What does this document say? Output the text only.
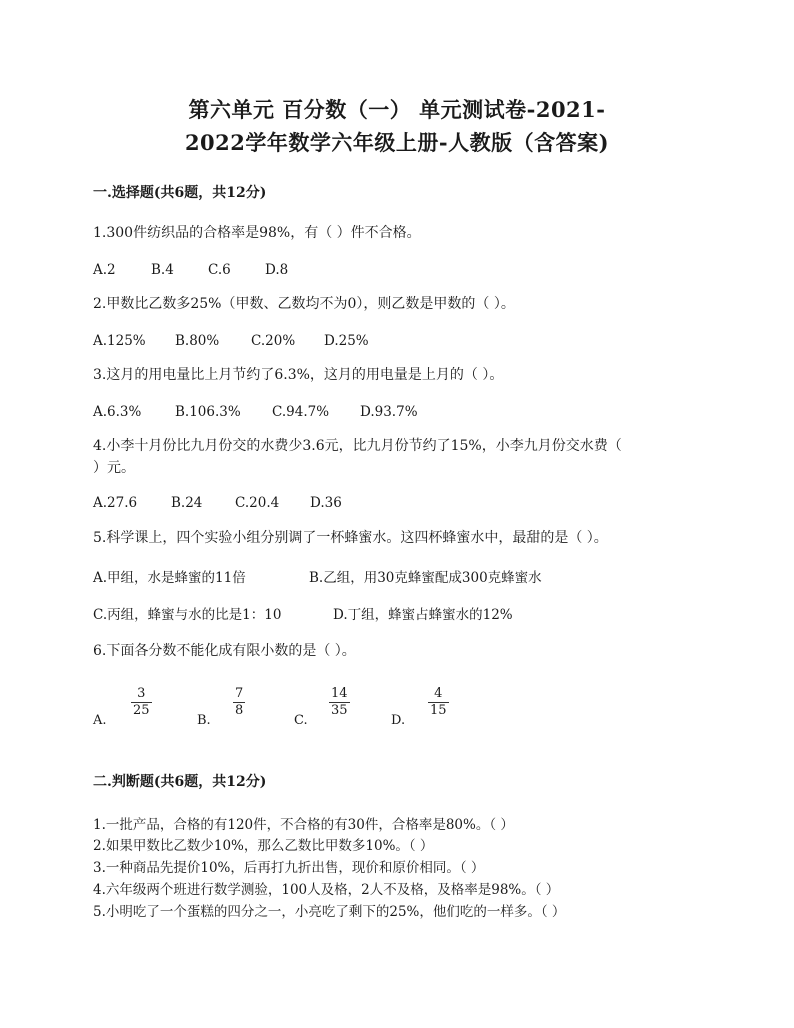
第六单元 百分数（一） 单元测试卷-2021-
2022学年数学六年级上册-人教版（含答案)
一.选择题(共6题，共12分)
1.300件纺织品的合格率是98%，有（ ）件不合格。
A.2	B.4	C.6	D.8
2.甲数比乙数多25%（甲数、乙数均不为0），则乙数是甲数的（ ）。
A.125% B.80% C.20% D.25%
3.这月的用电量比上月节约了6.3%，这月的用电量是上月的（ ）。
A.6.3% B.106.3% C.94.7% D.93.7%
4.小李十月份比九月份交的水费少3.6元，比九月份节约了15%，小李九月份交水费（
）元。
A.27.6	B.24 C.20.4 D.36
5.科学课上，四个实验小组分别调了一杯蜂蜜水。这四杯蜂蜜水中，最甜的是（ ）。
A.甲组，水是蜂蜜的11倍	B.乙组，用30克蜂蜜配成300克蜂蜜水
C.丙组，蜂蜜与水的比是1：10	D.丁组，蜂蜜占蜂蜜水的12%
6.下面各分数不能化成有限小数的是（ ）。
A.
$\frac{3}{25}$
B.
$\frac{7}{8}$
C.
$\frac{14}{35}$
D.
$\frac{4}{15}$
二.判断题(共6题，共12分)
1.一批产品，合格的有120件，不合格的有30件，合格率是80%。（ ）
2.如果甲数比乙数少10%，那么乙数比甲数多10%。（ ）
3.一种商品先提价10%，后再打九折出售，现价和原价相同。（ ）
4.六年级两个班进行数学测验，100人及格，2人不及格，及格率是98%。（ ）
5.小明吃了一个蛋糕的四分之一，小亮吃了剩下的25%，他们吃的一样多。（ ）
